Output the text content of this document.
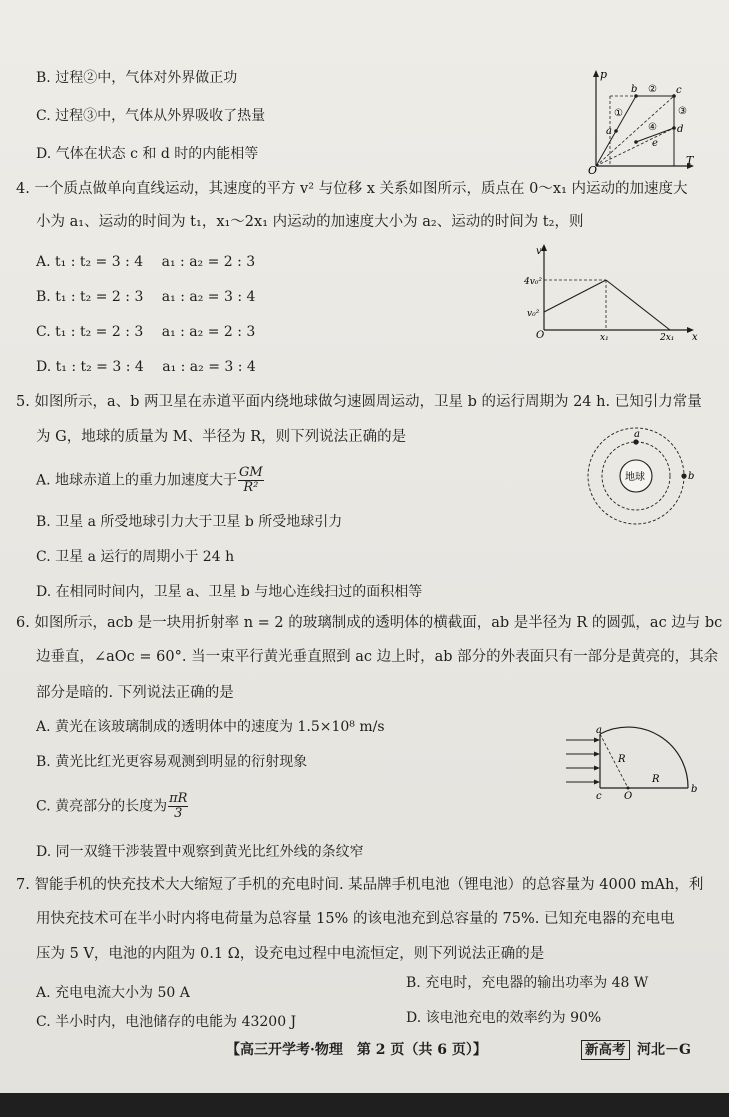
B. 过程②中，气体对外界做正功
C. 过程③中，气体从外界吸收了热量
D. 气体在状态 c 和 d 时的内能相等
p
T
O
a
b	c
d
e
①
②
③
④
4. 一个质点做单向直线运动，其速度的平方 v² 与位移 x 关系如图所示，质点在 0～x₁ 内运动的加速度大
小为 a₁、运动的时间为 t₁，x₁～2x₁ 内运动的加速度大小为 a₂、运动的时间为 t₂，则
A. t₁ : t₂ = 3 : 4　 a₁ : a₂ = 2 : 3
B. t₁ : t₂ = 2 : 3　 a₁ : a₂ = 3 : 4
C. t₁ : t₂ = 2 : 3　 a₁ : a₂ = 2 : 3
D. t₁ : t₂ = 3 : 4　 a₁ : a₂ = 3 : 4
v²
x
O
4v₀²
v₀²
x₁	2x₁
5. 如图所示，a、b 两卫星在赤道平面内绕地球做匀速圆周运动，卫星 b 的运行周期为 24 h. 已知引力常量
为 G，地球的质量为 M、半径为 R，则下列说法正确的是
A. 地球赤道上的重力加速度大于 $\frac{GM}{\text{R²}}$
B. 卫星 a 所受地球引力大于卫星 b 所受地球引力
C. 卫星 a 运行的周期小于 24 h
D. 在相同时间内，卫星 a、卫星 b 与地心连线扫过的面积相等
地球
a
b
6. 如图所示，acb 是一块用折射率 n = 2 的玻璃制成的透明体的横截面，ab 是半径为 R 的圆弧，ac 边与 bc
边垂直，∠aOc = 60°. 当一束平行黄光垂直照到 ac 边上时，ab 部分的外表面只有一部分是黄亮的，其余
部分是暗的. 下列说法正确的是
A. 黄光在该玻璃制成的透明体中的速度为 1.5×10⁸ m/s
B. 黄光比红光更容易观测到明显的衍射现象
C. 黄亮部分的长度为 $\frac{\pi R}{3}$
D. 同一双缝干涉装置中观察到黄光比红外线的条纹窄
a
b
c O
R
R
7. 智能手机的快充技术大大缩短了手机的充电时间. 某品牌手机电池（锂电池）的总容量为 4000 mAh，利
用快充技术可在半小时内将电荷量为总容量 15% 的该电池充到总容量的 75%. 已知充电器的充电电
压为 5 V，电池的内阻为 0.1 Ω，设充电过程中电流恒定，则下列说法正确的是
A. 充电电流大小为 50 A
B. 充电时，充电器的输出功率为 48 W
C. 半小时内，电池储存的电能为 43200 J	D. 该电池充电的效率约为 90%
【高三开学考·物理　第 2 页（共 6 页）】	新高考 河北－G
